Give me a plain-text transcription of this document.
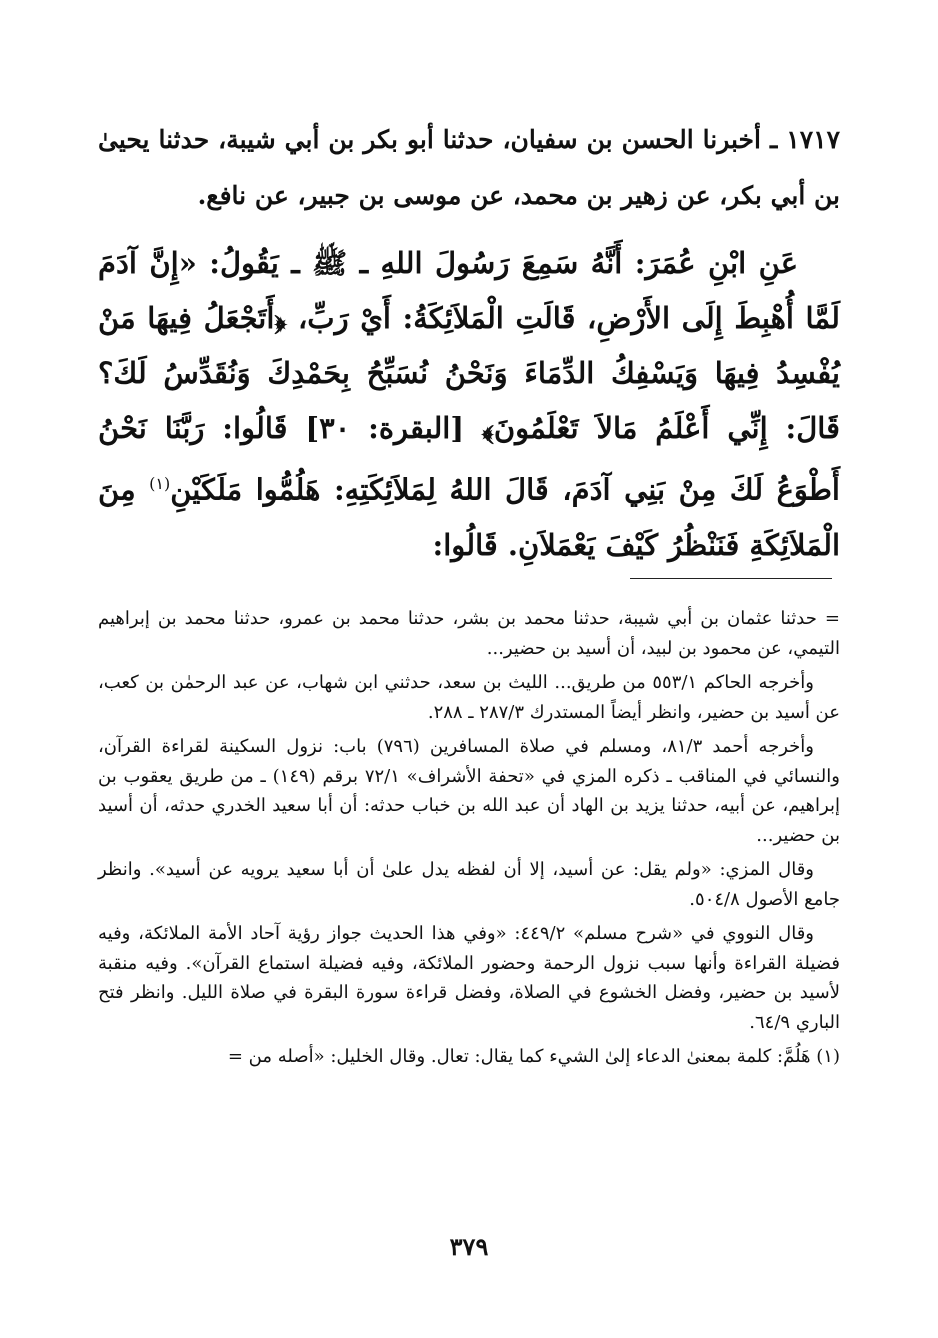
١٧١٧ ـ أخبرنا الحسن بن سفيان، حدثنا أبو بكر بن أبي شيبة، حدثنا يحيىٰ بن أبي بكر، عن زهير بن محمد، عن موسى بن جبير، عن نافع.

عَنِ ابْنِ عُمَرَ: أَنَّهُ سَمِعَ رَسُولَ اللهِ ـ ﷺ ـ يَقُولُ: «إِنَّ آدَمَ لَمَّا أُهْبِطَ إِلَى الأَرْضِ، قَالَتِ الْمَلاَئِكَةُ: أَيْ رَبِّ، ﴿أَتَجْعَلُ فِيهَا مَنْ يُفْسِدُ فِيهَا وَيَسْفِكُ الدِّمَاءَ وَنَحْنُ نُسَبِّحُ بِحَمْدِكَ وَنُقَدِّسُ لَكَ؟ قَالَ: إِنِّي أَعْلَمُ مَالاَ تَعْلَمُونَ﴾ [البقرة: ٣٠] قَالُوا: رَبَّنَا نَحْنُ أَطْوَعُ لَكَ مِنْ بَنِي آدَمَ، قَالَ اللهُ لِمَلاَئِكَتِهِ: هَلُمُّوا مَلَكَيْنِ$^{(١)}$ مِنَ الْمَلاَئِكَةِ فَنَنْظُرُ كَيْفَ يَعْمَلاَنِ. قَالُوا:

= حدثنا عثمان بن أبي شيبة، حدثنا محمد بن بشر، حدثنا محمد بن عمرو، حدثنا محمد بن إبراهيم التيمي، عن محمود بن لبيد، أن أسيد بن حضير...

وأخرجه الحاكم ٥٥٣/١ من طريق... الليث بن سعد، حدثني ابن شهاب، عن عبد الرحمٰن بن كعب، عن أسيد بن حضير، وانظر أيضاً المستدرك ٢٨٧/٣ ـ ٢٨٨.

وأخرجه أحمد ٨١/٣، ومسلم في صلاة المسافرين (٧٩٦) باب: نزول السكينة لقراءة القرآن، والنسائي في المناقب ـ ذكره المزي في «تحفة الأشراف» ٧٢/١ برقم (١٤٩) ـ من طريق يعقوب بن إبراهيم، عن أبيه، حدثنا يزيد بن الهاد أن عبد الله بن خباب حدثه: أن أبا سعيد الخدري حدثه، أن أسيد بن حضير...

وقال المزي: «ولم يقل: عن أسيد، إلا أن لفظه يدل علىٰ أن أبا سعيد يرويه عن أسيد». وانظر جامع الأصول ٥٠٤/٨.

وقال النووي في «شرح مسلم» ٤٤٩/٢: «وفي هذا الحديث جواز رؤية آحاد الأمة الملائكة، وفيه فضيلة القراءة وأنها سبب نزول الرحمة وحضور الملائكة، وفيه فضيلة استماع القرآن». وفيه منقبة لأسيد بن حضير، وفضل الخشوع في الصلاة، وفضل قراءة سورة البقرة في صلاة الليل. وانظر فتح الباري ٦٤/٩.

(١) هَلُمَّ: كلمة بمعنىٰ الدعاء إلىٰ الشيء كما يقال: تعال. وقال الخليل: «أصله من =

٣٧٩
